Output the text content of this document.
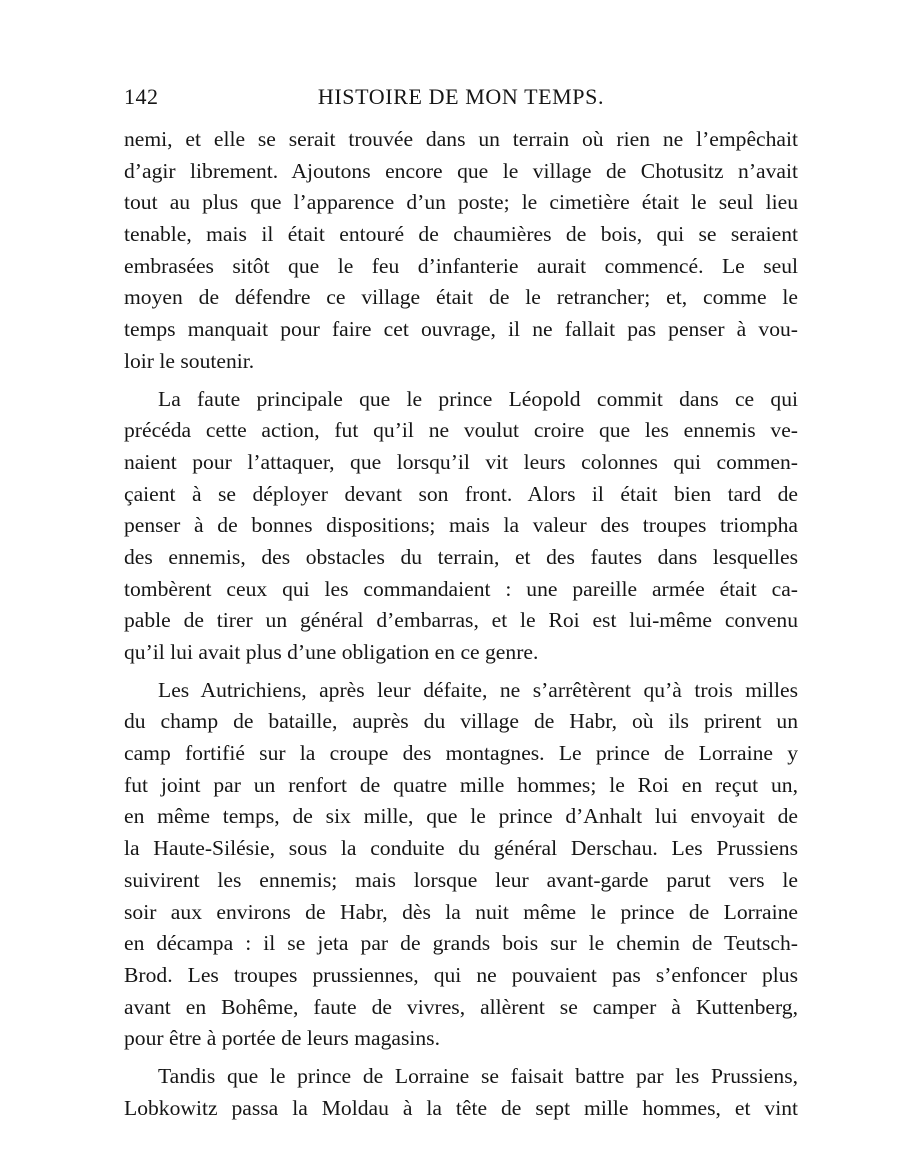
142	HISTOIRE DE MON TEMPS.
nemi, et elle se serait trouvée dans un terrain où rien ne l’empêchait
d’agir librement. Ajoutons encore que le village de Chotusitz n’avait
tout au plus que l’apparence d’un poste; le cimetière était le seul lieu
tenable, mais il était entouré de chaumières de bois, qui se seraient
embrasées sitôt que le feu d’infanterie aurait commencé. Le seul
moyen de défendre ce village était de le retrancher; et, comme le
temps manquait pour faire cet ouvrage, il ne fallait pas penser à vou-
loir le soutenir.
La faute principale que le prince Léopold commit dans ce qui
précéda cette action, fut qu’il ne voulut croire que les ennemis ve-
naient pour l’attaquer, que lorsqu’il vit leurs colonnes qui commen-
çaient à se déployer devant son front. Alors il était bien tard de
penser à de bonnes dispositions; mais la valeur des troupes triompha
des ennemis, des obstacles du terrain, et des fautes dans lesquelles
tombèrent ceux qui les commandaient : une pareille armée était ca-
pable de tirer un général d’embarras, et le Roi est lui-même convenu
qu’il lui avait plus d’une obligation en ce genre.
Les Autrichiens, après leur défaite, ne s’arrêtèrent qu’à trois milles
du champ de bataille, auprès du village de Habr, où ils prirent un
camp fortifié sur la croupe des montagnes. Le prince de Lorraine y
fut joint par un renfort de quatre mille hommes; le Roi en reçut un,
en même temps, de six mille, que le prince d’Anhalt lui envoyait de
la Haute-Silésie, sous la conduite du général Derschau. Les Prussiens
suivirent les ennemis; mais lorsque leur avant-garde parut vers le
soir aux environs de Habr, dès la nuit même le prince de Lorraine
en décampa : il se jeta par de grands bois sur le chemin de Teutsch-
Brod. Les troupes prussiennes, qui ne pouvaient pas s’enfoncer plus
avant en Bohême, faute de vivres, allèrent se camper à Kuttenberg,
pour être à portée de leurs magasins.
Tandis que le prince de Lorraine se faisait battre par les Prussiens,
Lobkowitz passa la Moldau à la tête de sept mille hommes, et vint
